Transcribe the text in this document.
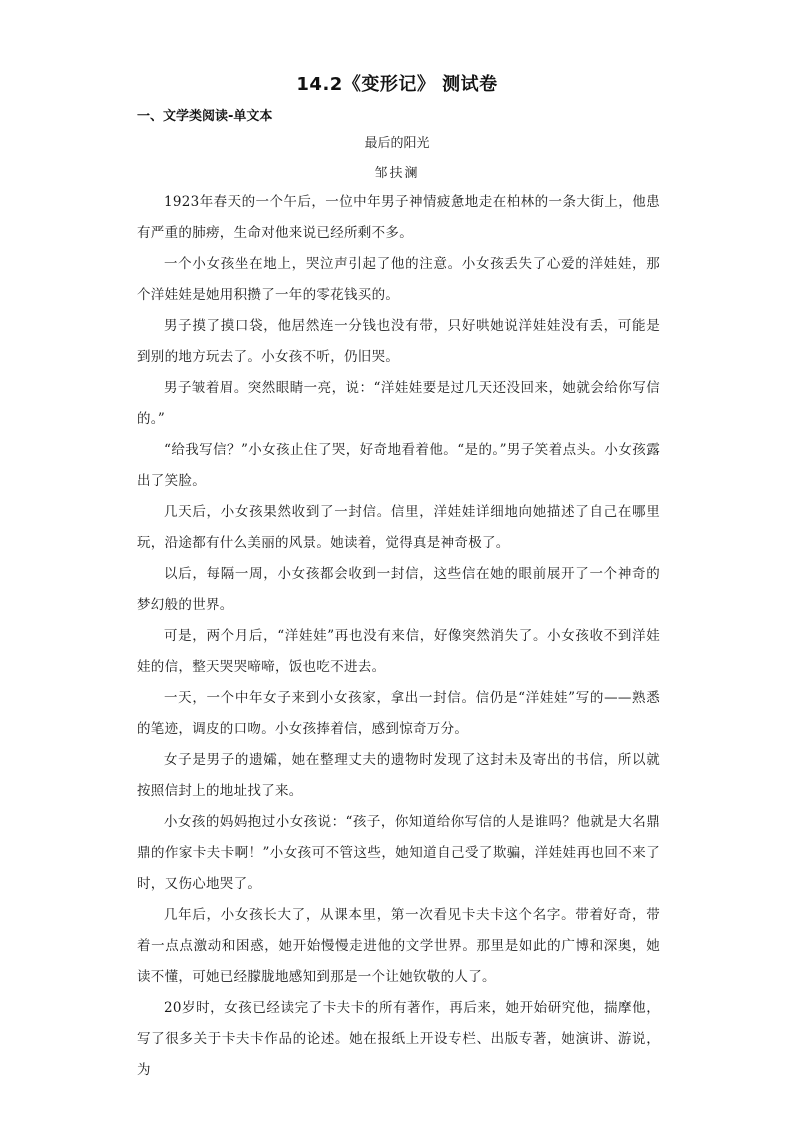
14.2《变形记》 测试卷
一、文学类阅读-单文本
最后的阳光
邹扶澜

1923年春天的一个午后，一位中年男子神情疲惫地走在柏林的一条大街上，他患有严重的肺痨，生命对他来说已经所剩不多。

一个小女孩坐在地上，哭泣声引起了他的注意。小女孩丢失了心爱的洋娃娃，那个洋娃娃是她用积攒了一年的零花钱买的。

男子摸了摸口袋，他居然连一分钱也没有带，只好哄她说洋娃娃没有丢，可能是到别的地方玩去了。小女孩不听，仍旧哭。

男子皱着眉。突然眼睛一亮，说：“洋娃娃要是过几天还没回来，她就会给你写信的。”

“给我写信？”小女孩止住了哭，好奇地看着他。“是的。”男子笑着点头。小女孩露出了笑脸。

几天后，小女孩果然收到了一封信。信里，洋娃娃详细地向她描述了自己在哪里玩，沿途都有什么美丽的风景。她读着，觉得真是神奇极了。

以后，每隔一周，小女孩都会收到一封信，这些信在她的眼前展开了一个神奇的梦幻般的世界。

可是，两个月后，“洋娃娃”再也没有来信，好像突然消失了。小女孩收不到洋娃娃的信，整天哭哭啼啼，饭也吃不进去。

一天，一个中年女子来到小女孩家，拿出一封信。信仍是“洋娃娃”写的——熟悉的笔迹，调皮的口吻。小女孩捧着信，感到惊奇万分。

女子是男子的遗孀，她在整理丈夫的遗物时发现了这封未及寄出的书信，所以就按照信封上的地址找了来。

小女孩的妈妈抱过小女孩说：“孩子，你知道给你写信的人是谁吗？他就是大名鼎鼎的作家卡夫卡啊！”小女孩可不管这些，她知道自己受了欺骗，洋娃娃再也回不来了时，又伤心地哭了。

几年后，小女孩长大了，从课本里，第一次看见卡夫卡这个名字。带着好奇，带着一点点激动和困惑，她开始慢慢走进他的文学世界。那里是如此的广博和深奥，她读不懂，可她已经朦胧地感知到那是一个让她钦敬的人了。

20岁时，女孩已经读完了卡夫卡的所有著作，再后来，她开始研究他，揣摩他，写了很多关于卡夫卡作品的论述。她在报纸上开设专栏、出版专著，她演讲、游说，为
